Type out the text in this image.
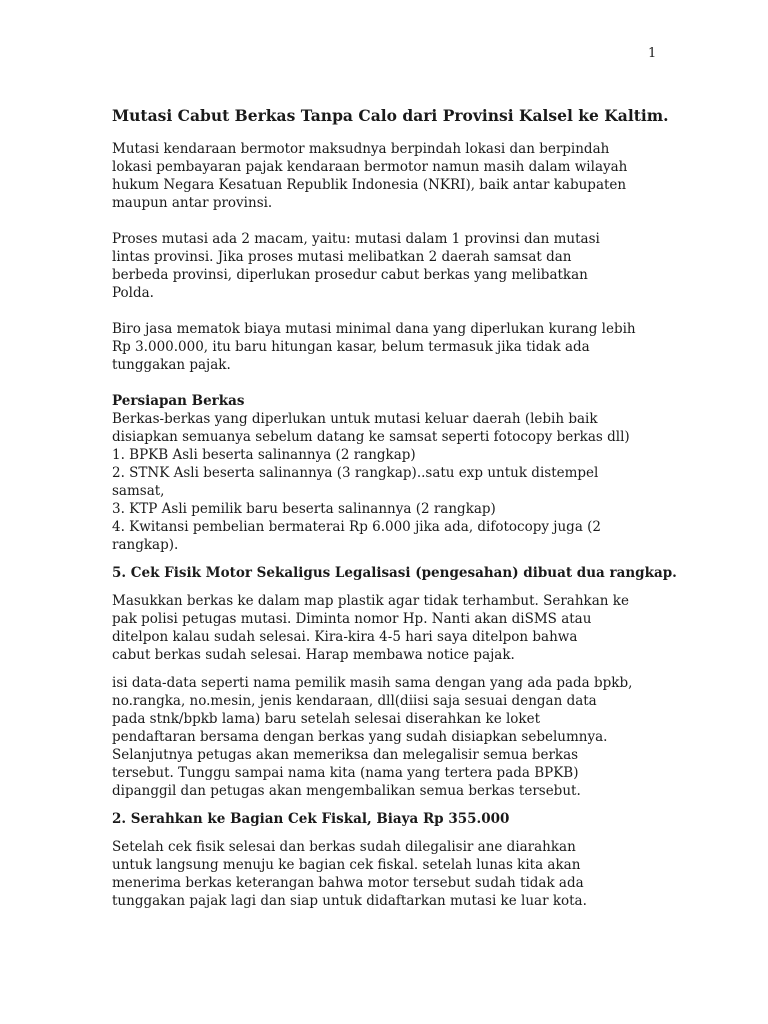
1
Mutasi Cabut Berkas Tanpa Calo dari Provinsi Kalsel ke Kaltim.

Mutasi kendaraan bermotor maksudnya berpindah lokasi dan berpindah
lokasi pembayaran pajak kendaraan bermotor namun masih dalam wilayah
hukum Negara Kesatuan Republik Indonesia (NKRI), baik antar kabupaten
maupun antar provinsi.

Proses mutasi ada 2 macam, yaitu: mutasi dalam 1 provinsi dan mutasi
lintas provinsi. Jika proses mutasi melibatkan 2 daerah samsat dan
berbeda provinsi, diperlukan prosedur cabut berkas yang melibatkan
Polda.

Biro jasa mematok biaya mutasi minimal dana yang diperlukan kurang lebih
Rp 3.000.000, itu baru hitungan kasar, belum termasuk jika tidak ada
tunggakan pajak.

Persiapan Berkas

Berkas-berkas yang diperlukan untuk mutasi keluar daerah (lebih baik
disiapkan semuanya sebelum datang ke samsat seperti fotocopy berkas dll)
1. BPKB Asli beserta salinannya (2 rangkap)
2. STNK Asli beserta salinannya (3 rangkap)..satu exp untuk distempel
samsat,
3. KTP Asli pemilik baru beserta salinannya (2 rangkap)
4. Kwitansi pembelian bermaterai Rp 6.000 jika ada, difotocopy juga (2
rangkap).

5. Cek Fisik Motor Sekaligus Legalisasi (pengesahan) dibuat dua rangkap.

Masukkan berkas ke dalam map plastik agar tidak terhambut. Serahkan ke
pak polisi petugas mutasi. Diminta nomor Hp. Nanti akan diSMS atau
ditelpon kalau sudah selesai. Kira-kira 4-5 hari saya ditelpon bahwa
cabut berkas sudah selesai. Harap membawa notice pajak.

isi data-data seperti nama pemilik masih sama dengan yang ada pada bpkb,
no.rangka, no.mesin, jenis kendaraan, dll(diisi saja sesuai dengan data
pada stnk/bpkb lama) baru setelah selesai diserahkan ke loket
pendaftaran bersama dengan berkas yang sudah disiapkan sebelumnya.
Selanjutnya petugas akan memeriksa dan melegalisir semua berkas
tersebut. Tunggu sampai nama kita (nama yang tertera pada BPKB)
dipanggil dan petugas akan mengembalikan semua berkas tersebut.

2. Serahkan ke Bagian Cek Fiskal, Biaya Rp 355.000

Setelah cek fisik selesai dan berkas sudah dilegalisir ane diarahkan
untuk langsung menuju ke bagian cek fiskal. setelah lunas kita akan
menerima berkas keterangan bahwa motor tersebut sudah tidak ada
tunggakan pajak lagi dan siap untuk didaftarkan mutasi ke luar kota.
